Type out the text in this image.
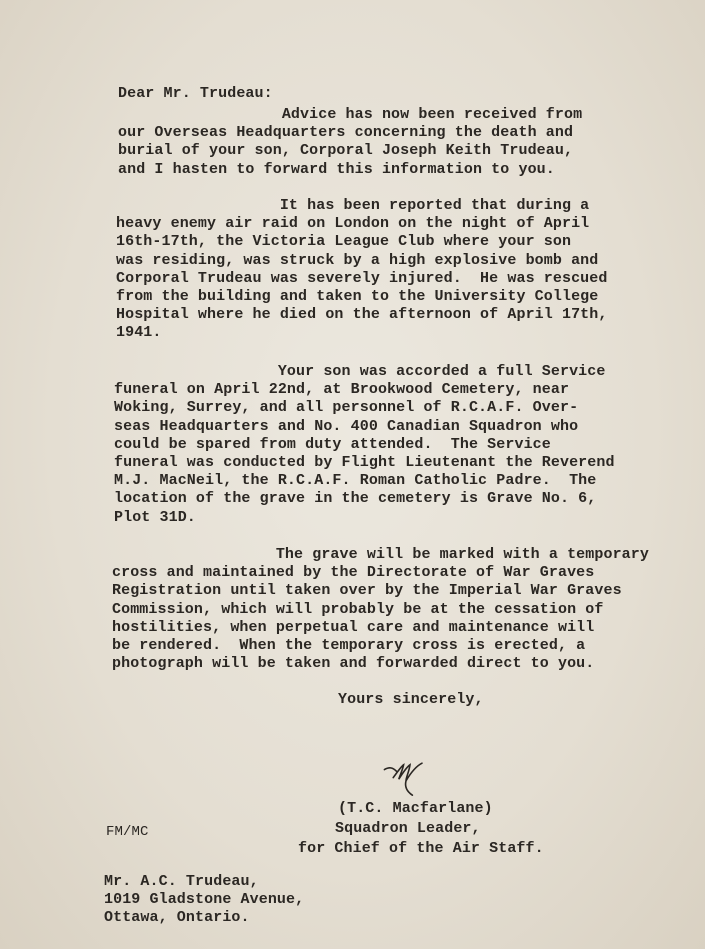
Dear Mr. Trudeau:
Advice has now been received from
our Overseas Headquarters concerning the death and
burial of your son, Corporal Joseph Keith Trudeau,
and I hasten to forward this information to you.
It has been reported that during a
heavy enemy air raid on London on the night of April
16th-17th, the Victoria League Club where your son
was residing, was struck by a high explosive bomb and
Corporal Trudeau was severely injured.  He was rescued
from the building and taken to the University College
Hospital where he died on the afternoon of April 17th,
1941.
Your son was accorded a full Service
funeral on April 22nd, at Brookwood Cemetery, near
Woking, Surrey, and all personnel of R.C.A.F. Over-
seas Headquarters and No. 400 Canadian Squadron who
could be spared from duty attended.  The Service
funeral was conducted by Flight Lieutenant the Reverend
M.J. MacNeil, the R.C.A.F. Roman Catholic Padre.  The
location of the grave in the cemetery is Grave No. 6,
Plot 31D.
The grave will be marked with a temporary
cross and maintained by the Directorate of War Graves
Registration until taken over by the Imperial War Graves
Commission, which will probably be at the cessation of
hostilities, when perpetual care and maintenance will
be rendered.  When the temporary cross is erected, a
photograph will be taken and forwarded direct to you.
Yours sincerely,
(T.C. Macfarlane)
Squadron Leader,
for Chief of the Air Staff.
FM/MC
Mr. A.C. Trudeau,
1019 Gladstone Avenue,
Ottawa, Ontario.
